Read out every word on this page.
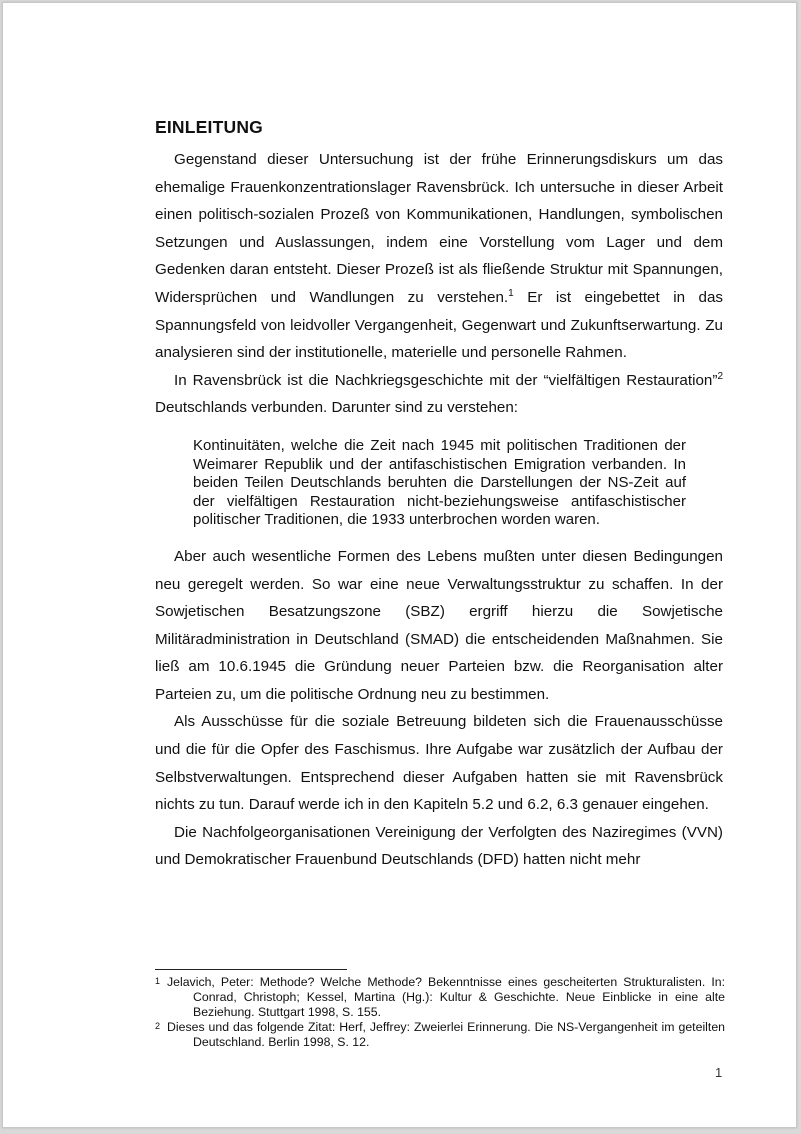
EINLEITUNG

Gegenstand dieser Untersuchung ist der frühe Erinnerungsdiskurs um das ehemalige Frauenkonzentrationslager Ravensbrück. Ich untersuche in dieser Arbeit einen politisch-sozialen Prozeß von Kommunikationen, Handlungen, symbolischen Setzungen und Auslassungen, indem eine Vorstellung vom Lager und dem Gedenken daran entsteht. Dieser Prozeß ist als fließende Struktur mit Spannungen, Widersprüchen und Wandlungen zu verstehen.$^1$ Er ist eingebettet in das Spannungsfeld von leidvoller Vergangenheit, Gegenwart und Zukunftserwartung. Zu analysieren sind der institutionelle, materielle und personelle Rahmen.

In Ravensbrück ist die Nachkriegsgeschichte mit der “vielfältigen Restauration”$^2$ Deutschlands verbunden. Darunter sind zu verstehen:

Kontinuitäten, welche die Zeit nach 1945 mit politischen Traditionen der Weimarer Republik und der antifaschistischen Emigration verbanden. In beiden Teilen Deutschlands beruhten die Darstellungen der NS-Zeit auf der vielfältigen Restauration nicht-beziehungsweise antifaschistischer politischer Traditionen, die 1933 unterbrochen worden waren.

Aber auch wesentliche Formen des Lebens mußten unter diesen Bedingungen neu geregelt werden. So war eine neue Verwaltungsstruktur zu schaffen. In der Sowjetischen Besatzungszone (SBZ) ergriff hierzu die Sowjetische Militäradministration in Deutschland (SMAD) die entscheidenden Maßnahmen. Sie ließ am 10.6.1945 die Gründung neuer Parteien bzw. die Reorganisation alter Parteien zu, um die politische Ordnung neu zu bestimmen.

Als Ausschüsse für die soziale Betreuung bildeten sich die Frauenausschüsse und die für die Opfer des Faschismus. Ihre Aufgabe war zusätzlich der Aufbau der Selbstverwaltungen. Entsprechend dieser Aufgaben hatten sie mit Ravensbrück nichts zu tun. Darauf werde ich in den Kapiteln 5.2 und 6.2, 6.3 genauer eingehen.

Die Nachfolgeorganisationen Vereinigung der Verfolgten des Naziregimes (VVN) und Demokratischer Frauenbund Deutschlands (DFD) hatten nicht mehr

1 Jelavich, Peter: Methode? Welche Methode? Bekenntnisse eines gescheiterten Strukturalisten. In: Conrad, Christoph; Kessel, Martina (Hg.): Kultur & Geschichte. Neue Einblicke in eine alte Beziehung. Stuttgart 1998, S. 155.
2 Dieses und das folgende Zitat: Herf, Jeffrey: Zweierlei Erinnerung. Die NS-Vergangenheit im geteilten Deutschland. Berlin 1998, S. 12.
1
